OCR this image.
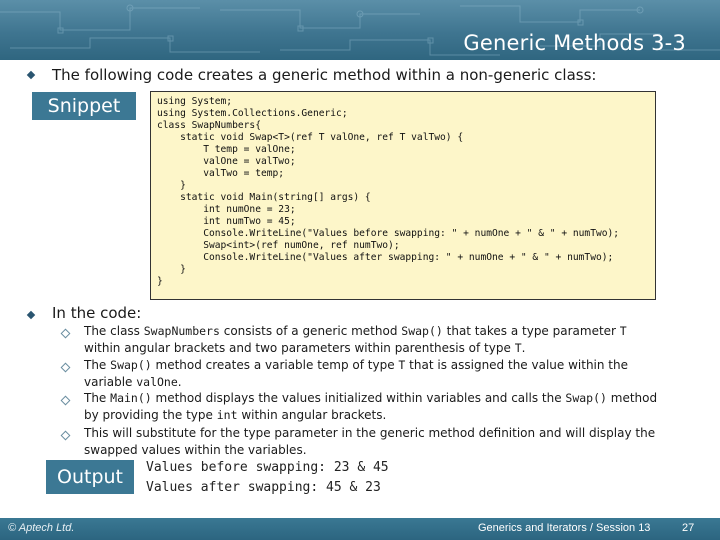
Generic Methods 3-3
The following code creates a generic method within a non-generic class:
Snippet	using System;
using System.Collections.Generic;
class SwapNumbers{
static void Swap<T>(ref T valOne, ref T valTwo) {
T temp = valOne;
valOne = valTwo;
valTwo = temp;
}
static void Main(string[] args) {
int numOne = 23;
int numTwo = 45;
Console.WriteLine("Values before swapping: " + numOne + " & " + numTwo);
Swap<int>(ref numOne, ref numTwo);
Console.WriteLine("Values after swapping: " + numOne + " & " + numTwo);
}
}
In the code:
The class SwapNumbers consists of a generic method Swap() that takes a type parameter T within angular brackets and two parameters within parenthesis of type T.
The Swap() method creates a variable temp of type T that is assigned the value within the variable valOne.
The Main() method displays the values initialized within variables and calls the Swap() method by providing the type int within angular brackets.
This will substitute for the type parameter in the generic method definition and will display the swapped values within the variables.
Output	Values before swapping: 23 & 45
Values after swapping: 45 & 23
© Aptech Ltd.	Generics and Iterators / Session 13	27
